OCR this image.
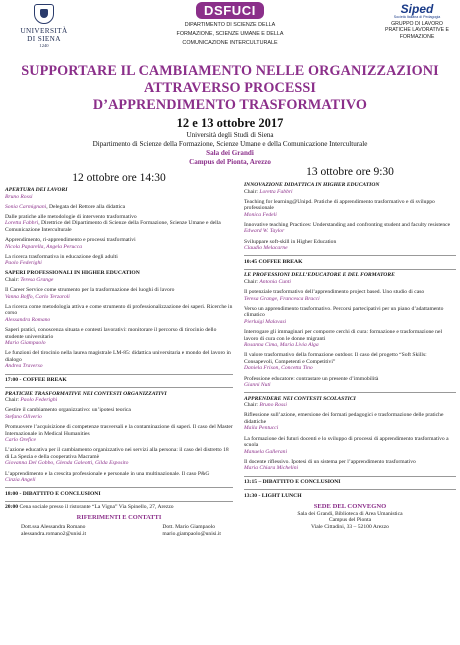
UNIVERSITÀ
DI SIENA
1240
DSFUCI
DIPARTIMENTO DI SCIENZE DELLA
FORMAZIONE, SCIENZE UMANE E DELLA
COMUNICAZIONE INTERCULTURALE
Siped
Società Italiana di Pedagogia
GRUPPO DI LAVORO
PRATICHE LAVORATIVE E
FORMAZIONE
SUPPORTARE IL CAMBIAMENTO NELLE ORGANIZZAZIONI
ATTRAVERSO PROCESSI
D’APPRENDIMENTO TRASFORMATIVO
12 e 13 ottobre 2017
Università degli Studi di Siena
Dipartimento di Scienze della Formazione, Scienze Umane e della Comunicazione Interculturale
Sala dei Grandi
Campus del Pionta, Arezzo
12 ottobre ore 14:30
APERTURA DEI LAVORI
Bruno Rossi
Sonia Carmignani, Delegata del Rettore alla didattica
Dalle pratiche alle metodologie di intervento trasformativo
Loretta Fabbri, Direttrice del Dipartimento di Scienze della Formazione, Scienze Umane e della Comunicazione Interculturale
Apprendimento, ri-apprendimento e processi trasformativi
Nicola Paparella, Angela Perucca
La ricerca trasformativa in educazione degli adulti
Paolo Federighi
SAPERI PROFESSIONALI IN HIGHER EDUCATION
Chair: Teresa Grange
Il Career Service come strumento per la trasformazione dei luoghi di lavoro
Vanna Boffo, Carlo Terzaroli
La ricerca come metodologia attiva e come strumento di professionalizzazione dei saperi. Ricerche in corso
Alessandra Romano
Saperi pratici, conoscenza situata e contesti lavorativi: monitorare il percorso di tirocinio dello studente universitario
Mario Giampaolo
Le funzioni del tirocinio nella laurea magistrale LM-85: didattica universitaria e mondo del lavoro in dialogo
Andrea Traverso
17:00 - COFFEE BREAK
PRATICHE TRASFORMATIVE NEI CONTESTI ORGANIZZATIVI
Chair: Paolo Federighi
Gestire il cambiamento organizzativo: un’ipotesi teorica
Stefano Oliverio
Promuovere l’acquisizione di competenze trasversali e la contaminazione di saperi. Il caso del Master Internazionale in Medical Humanities
Carlo Orefice
L’azione educativa per il cambiamento organizzativo nei servizi alla persona: il caso del distretto 18 di La Spezia e della cooperativa Macramè
Giovanna Del Gobbo, Glenda Galeotti, Gilda Esposito
L’apprendimento e la crescita professionale e personale in una multinazionale. Il caso P&G
Cinzia Angeli
18:00 - DIBATTITO E CONCLUSIONI
20:00 Cena sociale presso il ristorante “La Vigna” Via Spinello, 27, Arezzo
RIFERIMENTI E CONTATTI
Dott.ssa Alessandra Romano
alessandra.romano2@unisi.it
Dott. Mario Giampaolo
mario.giampaolo@unisi.it
13 ottobre ore 9:30
INNOVAZIONE DIDATTICA IN HIGHER EDUCATION
Chair: Loretta Fabbri
Teaching for learning@Unipd. Pratiche di apprendimento trasformativo e di sviluppo professionale
Monica Fedeli
Innovative teaching Practices: Understanding and confronting student and faculty resistence
Edward W. Taylor
Sviluppare soft-skill in Higher Education
Claudio Melacarne
10:45 COFFEE BREAK
LE PROFESSIONI DELL’EDUCATORE E DEL FORMATORE
Chair: Antonia Cunti
Il potenziale trasformativo dell’apprendimento project based. Uno studio di caso
Teresa Grange, Francesca Bracci
Verso un apprendimento trasformativo. Percorsi partecipativi per un piano d’adattamento climatico
Pierluigi Malavasi
Interrogare gli immaginari per comporre cerchi di cura: formazione e trasformazione nel lavoro di cura con le donne migranti
Rosanna Cima, Maria Livia Alga
Il valore trasformativo della formazione outdoor. Il caso del progetto “Soft Skills: Consapevoli, Competenti e Competitivi”
Daniela Frison, Concetta Tino
Professione educatore: contrastare un presente d’immobilità
Gianni Nuti
APPRENDERE NEI CONTESTI SCOLASTICI
Chair: Bruno Rossi
Riflessione sull’azione, emersione dei formati pedagogici e trasformazione delle pratiche didattiche
Maila Pentucci
La formazione dei futuri docenti e lo sviluppo di processi di apprendimento trasformativo a scuola
Manuela Gallerani
Il docente riflessivo. Ipotesi di un sistema per l’apprendimento trasformativo
Maria Chiara Michelini
13:15 – DIBATTITO E CONCLUSIONI
13:30 - LIGHT LUNCH
SEDE DEL CONVEGNO
Sala dei Grandi, Biblioteca di Area Umanistica
Campus del Pionta
Viale Cittadini, 33 – 52100 Arezzo
